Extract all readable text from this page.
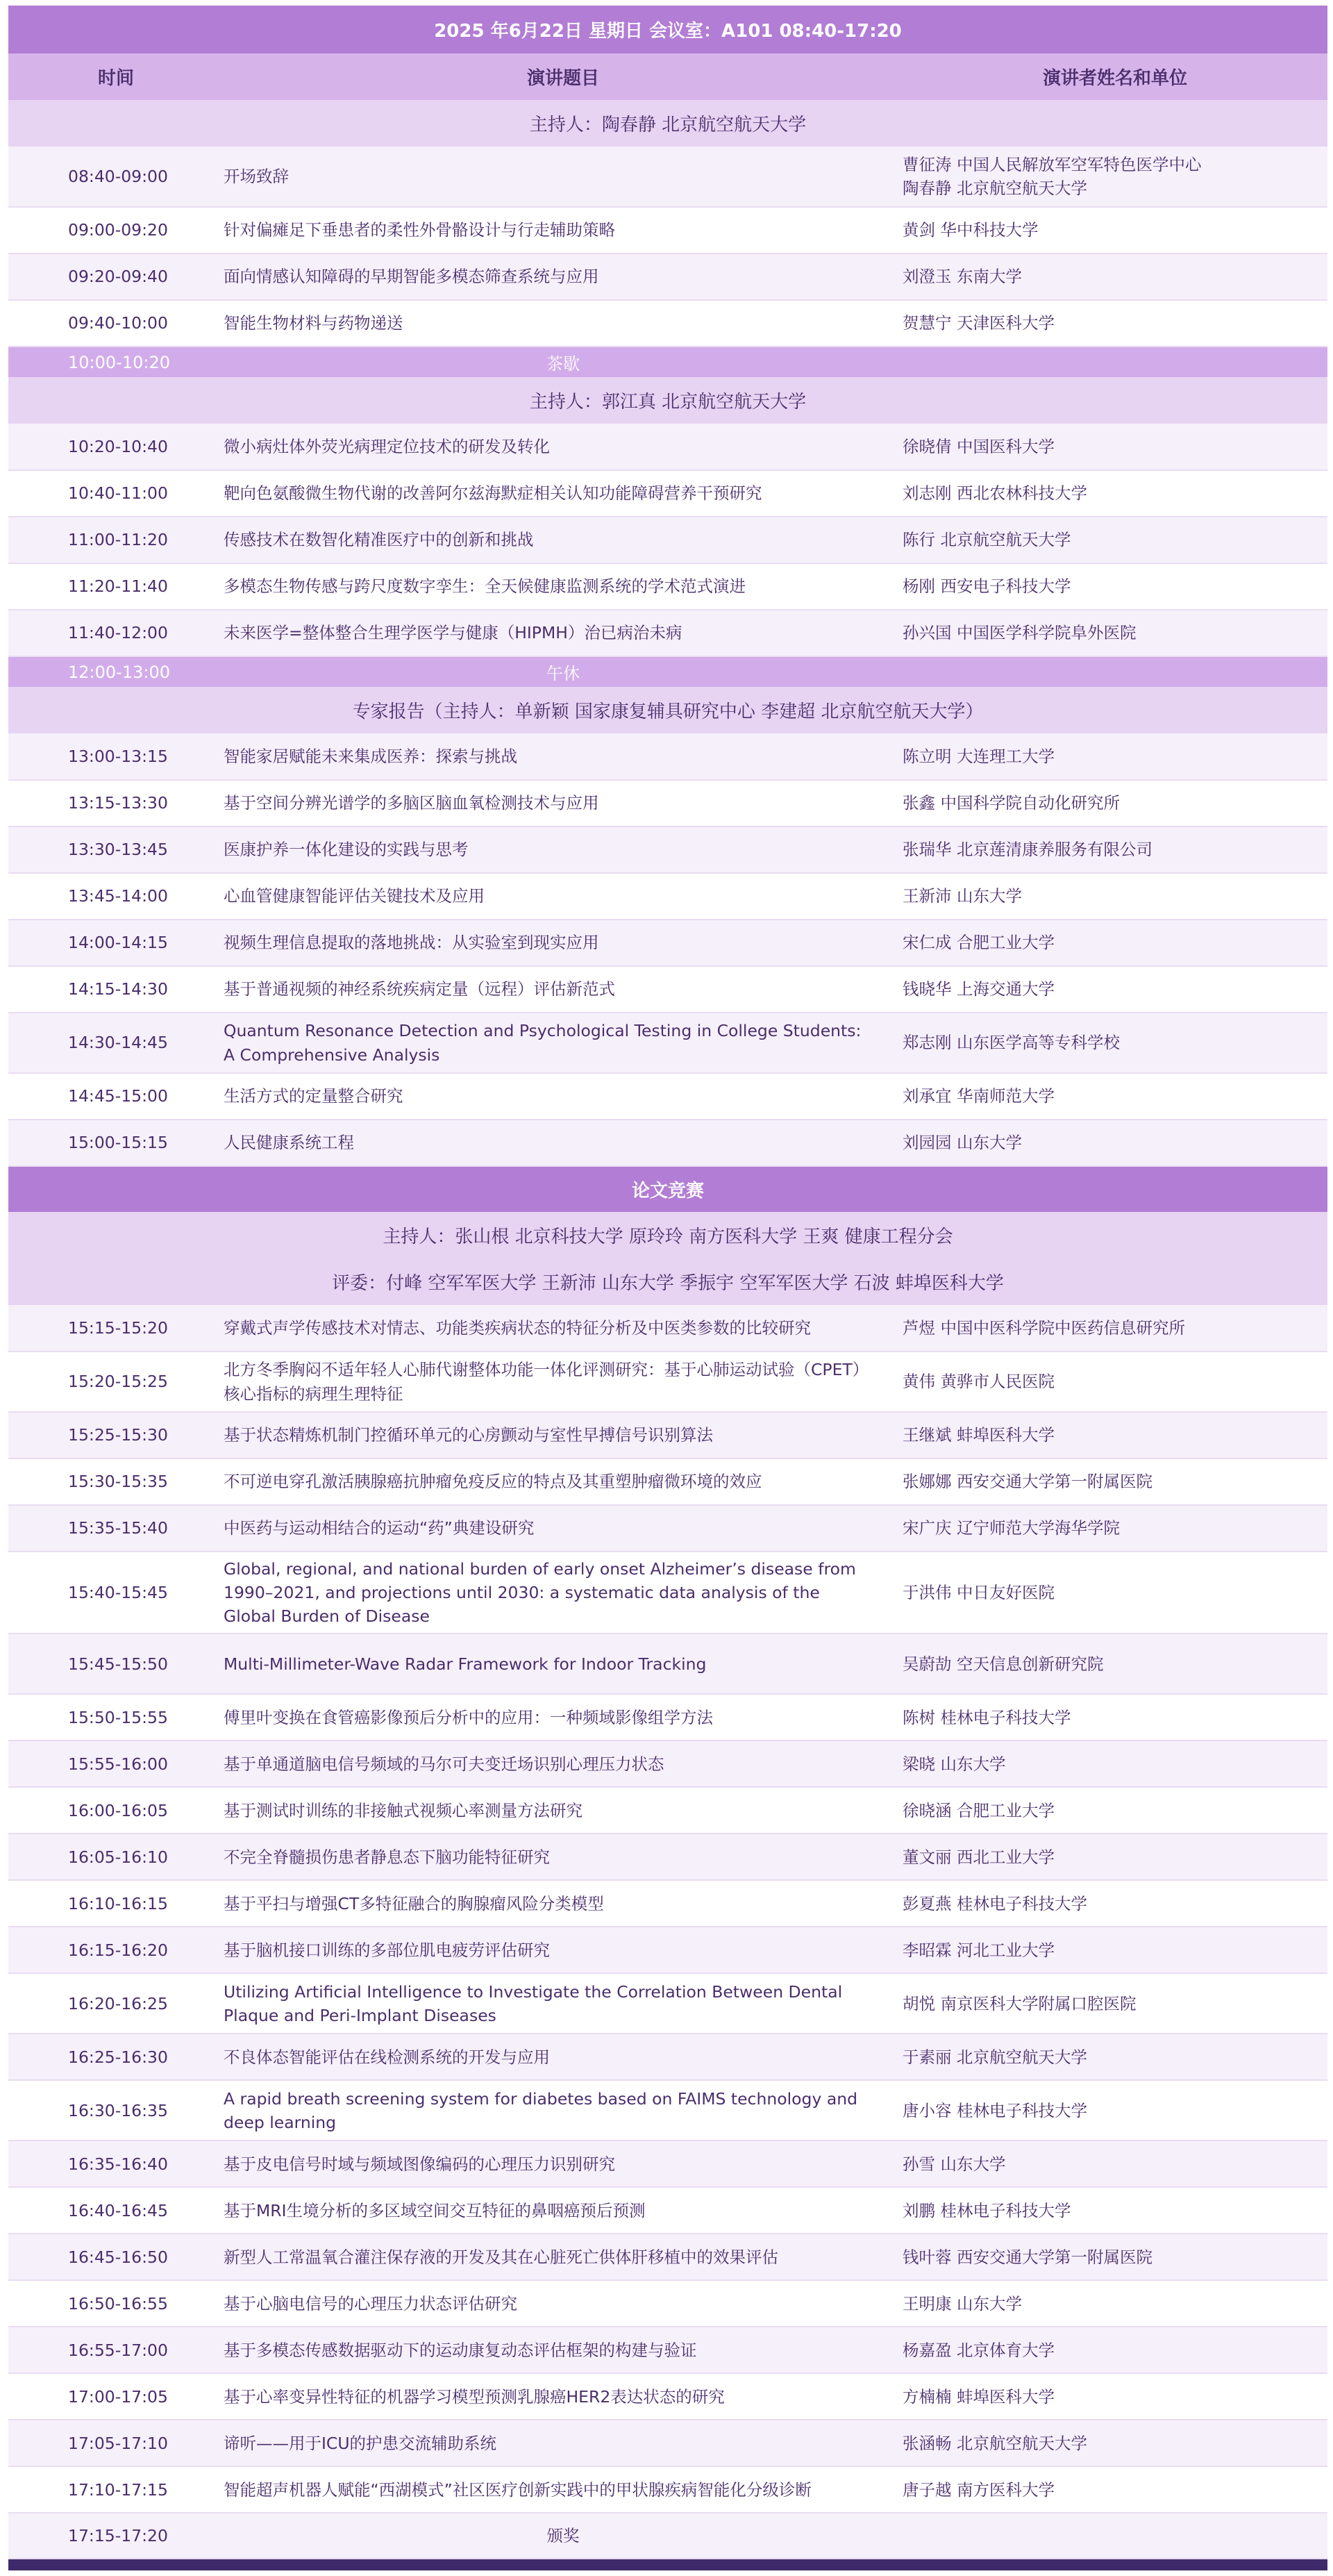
2025 年6月22日 星期日 会议室：A101 08:40-17:20		
时间	演讲题目	演讲者姓名和单位
主持人：陶春静 北京航空航天大学		
08:40-09:00	开场致辞	曹征涛 中国人民解放军空军特色医学中心
陶春静 北京航空航天大学

09:00-09:20	针对偏瘫足下垂患者的柔性外骨骼设计与行走辅助策略	黄剑 华中科技大学

09:20-09:40	面向情感认知障碍的早期智能多模态筛查系统与应用	刘澄玉 东南大学

09:40-10:00	智能生物材料与药物递送	贺慧宁 天津医科大学

10:00-10:20	茶歇	
主持人：郭江真 北京航空航天大学		
10:20-10:40	微小病灶体外荧光病理定位技术的研发及转化	徐晓倩 中国医科大学

10:40-11:00	靶向色氨酸微生物代谢的改善阿尔兹海默症相关认知功能障碍营养干预研究	刘志刚 西北农林科技大学

11:00-11:20	传感技术在数智化精准医疗中的创新和挑战	陈行 北京航空航天大学

11:20-11:40	多模态生物传感与跨尺度数字孪生：全天候健康监测系统的学术范式演进	杨刚 西安电子科技大学

11:40-12:00	未来医学=整体整合生理学医学与健康（HIPMH）治已病治未病	孙兴国 中国医学科学院阜外医院

12:00-13:00	午休	
专家报告（主持人：单新颖 国家康复辅具研究中心 李建超 北京航空航天大学）		
13:00-13:15	智能家居赋能未来集成医养：探索与挑战	陈立明 大连理工大学

13:15-13:30	基于空间分辨光谱学的多脑区脑血氧检测技术与应用	张鑫 中国科学院自动化研究所

13:30-13:45	医康护养一体化建设的实践与思考	张瑞华 北京莲清康养服务有限公司

13:45-14:00	心血管健康智能评估关键技术及应用	王新沛 山东大学

14:00-14:15	视频生理信息提取的落地挑战：从实验室到现实应用	宋仁成 合肥工业大学

14:15-14:30	基于普通视频的神经系统疾病定量（远程）评估新范式	钱晓华 上海交通大学

14:30-14:45	Quantum Resonance Detection and Psychological Testing in College Students: A Comprehensive Analysis	郑志刚 山东医学高等专科学校

14:45-15:00	生活方式的定量整合研究	刘承宜 华南师范大学

15:00-15:15	人民健康系统工程	刘园园 山东大学

论文竞赛		
主持人：张山根 北京科技大学 原玲玲 南方医科大学 王爽 健康工程分会		
评委：付峰 空军军医大学 王新沛 山东大学 季振宇 空军军医大学 石波 蚌埠医科大学		
15:15-15:20	穿戴式声学传感技术对情志、功能类疾病状态的特征分析及中医类参数的比较研究	芦煜 中国中医科学院中医药信息研究所

15:20-15:25	北方冬季胸闷不适年轻人心肺代谢整体功能一体化评测研究：基于心肺运动试验（CPET）核心指标的病理生理特征	黄伟 黄骅市人民医院

15:25-15:30	基于状态精炼机制门控循环单元的心房颤动与室性早搏信号识别算法	王继斌 蚌埠医科大学

15:30-15:35	不可逆电穿孔激活胰腺癌抗肿瘤免疫反应的特点及其重塑肿瘤微环境的效应	张娜娜 西安交通大学第一附属医院

15:35-15:40	中医药与运动相结合的运动“药”典建设研究	宋广庆 辽宁师范大学海华学院

15:40-15:45	Global, regional, and national burden of early onset Alzheimer’s disease from 1990–2021, and projections until 2030: a systematic data analysis of the Global Burden of Disease	于洪伟 中日友好医院

15:45-15:50	Multi-Millimeter-Wave Radar Framework for Indoor Tracking	吴蔚劼 空天信息创新研究院

15:50-15:55	傅里叶变换在食管癌影像预后分析中的应用：一种频域影像组学方法	陈树 桂林电子科技大学

15:55-16:00	基于单通道脑电信号频域的马尔可夫变迁场识别心理压力状态	梁晓 山东大学

16:00-16:05	基于测试时训练的非接触式视频心率测量方法研究	徐晓涵 合肥工业大学

16:05-16:10	不完全脊髓损伤患者静息态下脑功能特征研究	董文丽 西北工业大学

16:10-16:15	基于平扫与增强CT多特征融合的胸腺瘤风险分类模型	彭夏燕 桂林电子科技大学

16:15-16:20	基于脑机接口训练的多部位肌电疲劳评估研究	李昭霖 河北工业大学

16:20-16:25	Utilizing Artificial Intelligence to Investigate the Correlation Between Dental Plaque and Peri-Implant Diseases	胡悦 南京医科大学附属口腔医院

16:25-16:30	不良体态智能评估在线检测系统的开发与应用	于素丽 北京航空航天大学

16:30-16:35	A rapid breath screening system for diabetes based on FAIMS technology and deep learning	唐小容 桂林电子科技大学

16:35-16:40	基于皮电信号时域与频域图像编码的心理压力识别研究	孙雪 山东大学

16:40-16:45	基于MRI生境分析的多区域空间交互特征的鼻咽癌预后预测	刘鹏 桂林电子科技大学

16:45-16:50	新型人工常温氧合灌注保存液的开发及其在心脏死亡供体肝移植中的效果评估	钱叶蓉 西安交通大学第一附属医院

16:50-16:55	基于心脑电信号的心理压力状态评估研究	王明康 山东大学

16:55-17:00	基于多模态传感数据驱动下的运动康复动态评估框架的构建与验证	杨嘉盈 北京体育大学

17:00-17:05	基于心率变异性特征的机器学习模型预测乳腺癌HER2表达状态的研究	方楠楠 蚌埠医科大学

17:05-17:10	谛听——用于ICU的护患交流辅助系统	张涵畅 北京航空航天大学

17:10-17:15	智能超声机器人赋能“西湖模式”社区医疗创新实践中的甲状腺疾病智能化分级诊断	唐子越 南方医科大学

17:15-17:20	颁奖	
